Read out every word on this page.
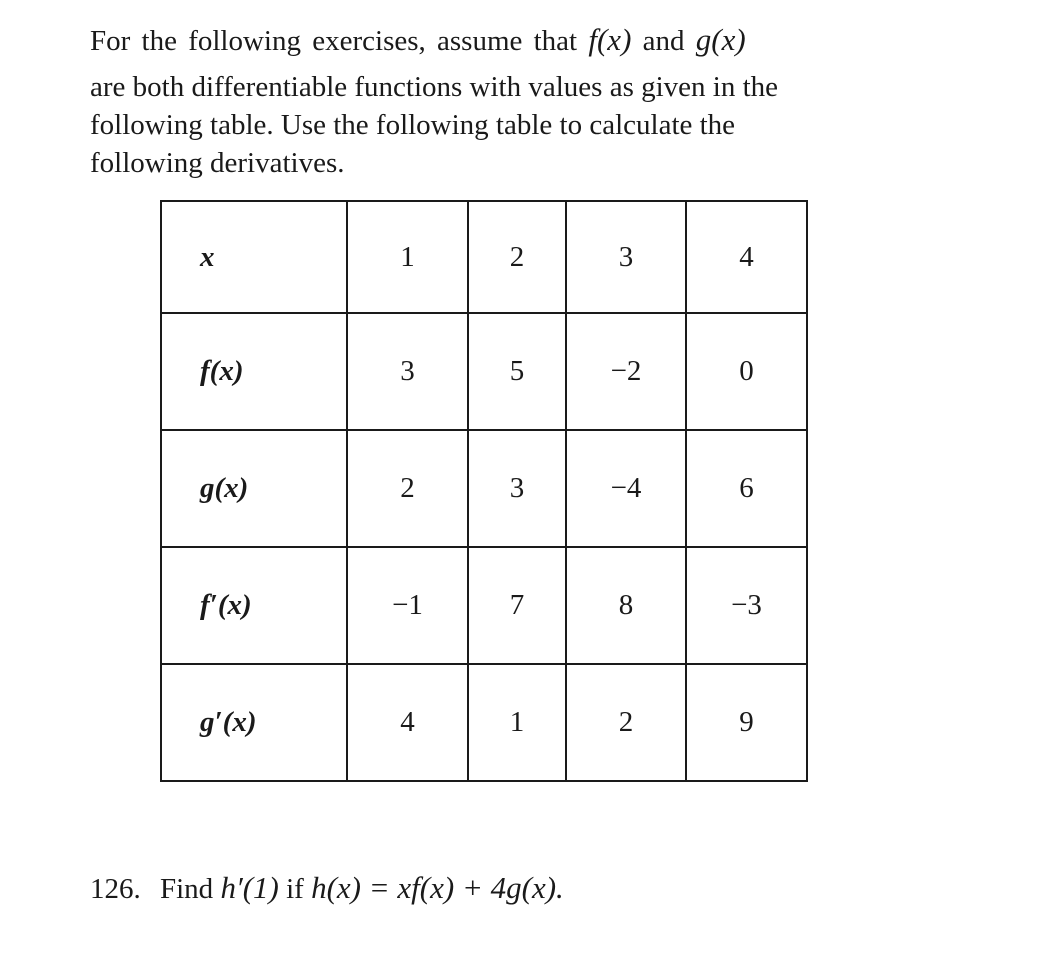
For the following exercises, assume that f(x) and g(x)
are both differentiable functions with values as given in the following table. Use the following table to calculate the following derivatives.

x	1	2	3	4
f(x)	3	5	−2	0
g(x)	2	3	−4	6
f′(x)	−1	7	8	−3
g′(x)	4	1	2	9

126. Find h′(1) if h(x) = xf(x) + 4g(x).
